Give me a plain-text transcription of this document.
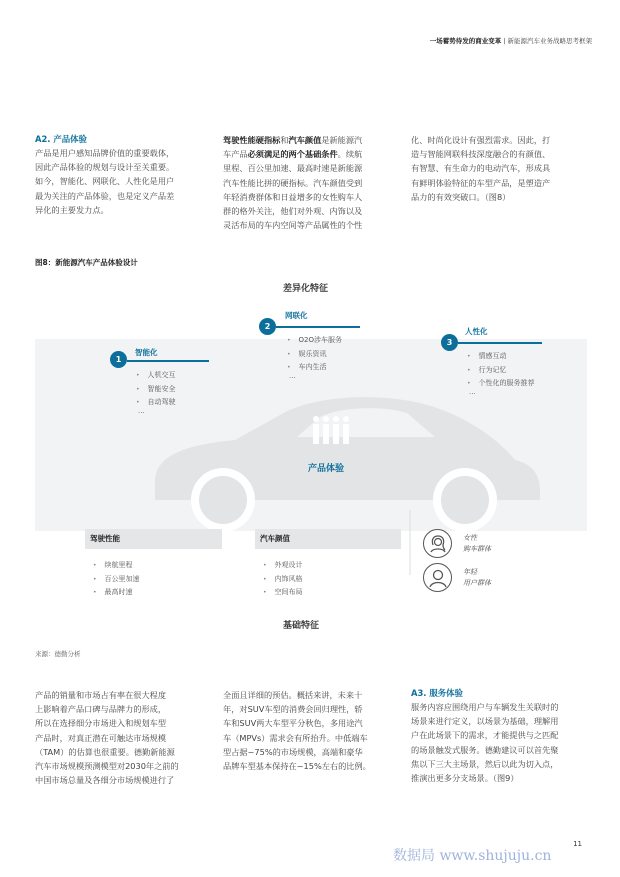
一场蓄势待发的商业变革 | 新能源汽车业务战略思考框架
A2. 产品体验
产品是用户感知品牌价值的重要载体，
因此产品体验的规划与设计至关重要。
如今，智能化、网联化、人性化是用户
最为关注的产品体验，也是定义产品差
异化的主要发力点。
驾驶性能硬指标和汽车颜值是新能源汽
车产品必须满足的两个基础条件。续航
里程、百公里加速、最高时速是新能源
汽车性能比拼的硬指标。汽车颜值受到
年轻消费群体和日益增多的女性购车人
群的格外关注，他们对外观、内饰以及
灵活布局的车内空间等产品属性的个性
化、时尚化设计有强烈需求。因此，打
造与智能网联科技深度融合的有颜值、
有智慧、有生命力的电动汽车，形成具
有鲜明体验特征的车型产品，是塑造产
品力的有效突破口。（图8）
图8：新能源汽车产品体验设计
差异化特征
1
智能化
• 人机交互
• 智能安全
• 自动驾驶
...
2
网联化
• O2O涉车服务
• 娱乐资讯
• 车内生活
...
3
人性化
• 情感互动
• 行为记忆
• 个性化的服务推荐
...
产品体验
驾驶性能
• 续航里程
• 百公里加速
• 最高时速
汽车颜值
• 外观设计
• 内饰风格
• 空间布局
女性
购车群体
年轻
用户群体
基础特征
来源：德勤分析
产品的销量和市场占有率在很大程度
上影响着产品口碑与品牌力的形成，
所以在选择细分市场进入和规划车型
产品时，对真正潜在可触达市场规模
（TAM）的估算也很重要。德勤新能源
汽车市场规模预测模型对2030年之前的
中国市场总量及各细分市场规模进行了
全面且详细的预估。概括来讲，未来十
年，对SUV车型的消费会回归理性，轿
车和SUV两大车型平分秋色，多用途汽
车（MPVs）需求会有所抬升。中低端车
型占据~75%的市场规模，高端和豪华
品牌车型基本保持在~15%左右的比例。
A3. 服务体验
服务内容应围绕用户与车辆发生关联时的
场景来进行定义，以场景为基础，理解用
户在此场景下的需求，才能提供与之匹配
的场景触发式服务。德勤建议可以首先聚
焦以下三大主场景，然后以此为切入点，
推演出更多分支场景。（图9）
11
数据局 www.shujuju.cn
